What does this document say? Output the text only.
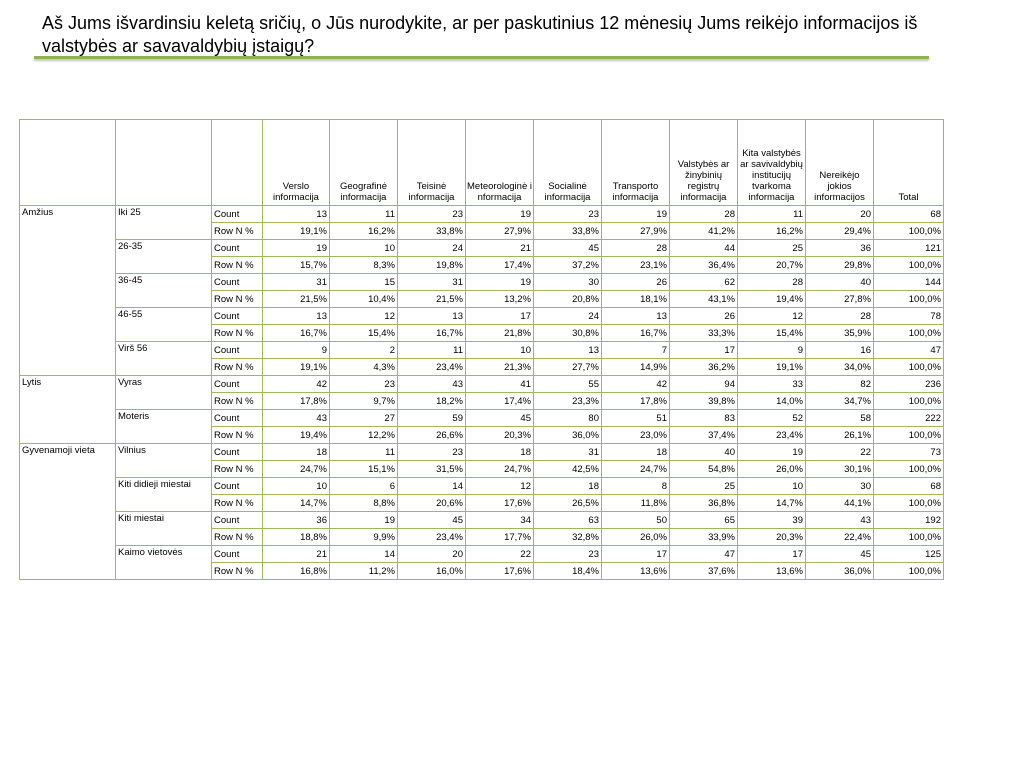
Aš Jums išvardinsiu keletą sričių, o Jūs nurodykite, ar per paskutinius 12 mėnesių Jums reikėjo informacijos iš valstybės ar savavaldybių įstaigų?
			Verslo informacija	Geografinė informacija	Teisinė informacija	Meteorologinė informacija	Socialinė informacija	Transporto informacija	Valstybės ar žinybinių registrų informacija	Kita valstybės ar savivaldybių institucijų tvarkoma informacija	Nereikėjo jokios informacijos	Total
Amžius	Iki 25	Count	13	11	23	19	23	19	28	11	20	68
		Row N %	19,1%	16,2%	33,8%	27,9%	33,8%	27,9%	41,2%	16,2%	29,4%	100,0%
	26-35	Count	19	10	24	21	45	28	44	25	36	121
		Row N %	15,7%	8,3%	19,8%	17,4%	37,2%	23,1%	36,4%	20,7%	29,8%	100,0%
	36-45	Count	31	15	31	19	30	26	62	28	40	144
		Row N %	21,5%	10,4%	21,5%	13,2%	20,8%	18,1%	43,1%	19,4%	27,8%	100,0%
	46-55	Count	13	12	13	17	24	13	26	12	28	78
		Row N %	16,7%	15,4%	16,7%	21,8%	30,8%	16,7%	33,3%	15,4%	35,9%	100,0%
	Virš 56	Count	9	2	11	10	13	7	17	9	16	47
		Row N %	19,1%	4,3%	23,4%	21,3%	27,7%	14,9%	36,2%	19,1%	34,0%	100,0%
Lytis	Vyras	Count	42	23	43	41	55	42	94	33	82	236
		Row N %	17,8%	9,7%	18,2%	17,4%	23,3%	17,8%	39,8%	14,0%	34,7%	100,0%
	Moteris	Count	43	27	59	45	80	51	83	52	58	222
		Row N %	19,4%	12,2%	26,6%	20,3%	36,0%	23,0%	37,4%	23,4%	26,1%	100,0%
Gyvenamoji vieta	Vilnius	Count	18	11	23	18	31	18	40	19	22	73
		Row N %	24,7%	15,1%	31,5%	24,7%	42,5%	24,7%	54,8%	26,0%	30,1%	100,0%
	Kiti didieji miestai	Count	10	6	14	12	18	8	25	10	30	68
		Row N %	14,7%	8,8%	20,6%	17,6%	26,5%	11,8%	36,8%	14,7%	44,1%	100,0%
	Kiti miestai	Count	36	19	45	34	63	50	65	39	43	192
		Row N %	18,8%	9,9%	23,4%	17,7%	32,8%	26,0%	33,9%	20,3%	22,4%	100,0%
	Kaimo vietovės	Count	21	14	20	22	23	17	47	17	45	125
		Row N %	16,8%	11,2%	16,0%	17,6%	18,4%	13,6%	37,6%	13,6%	36,0%	100,0%
